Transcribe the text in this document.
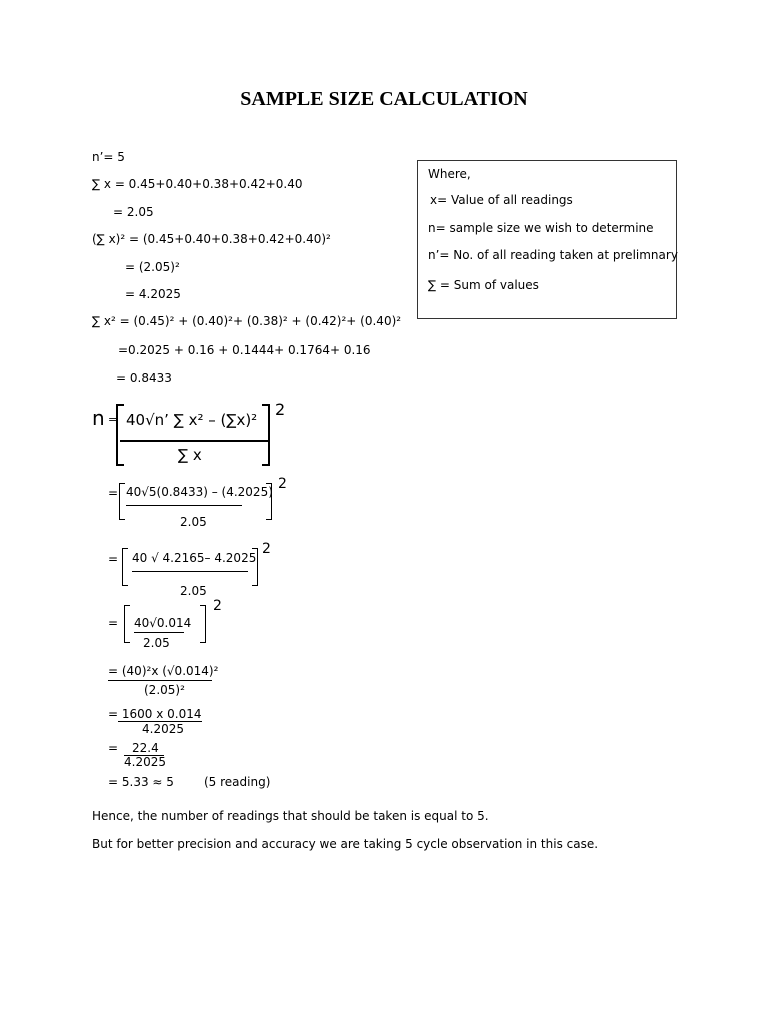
SAMPLE SIZE CALCULATION
Where,
x= Value of all readings
n= sample size we wish to determine
n’= No. of all reading taken at prelimnary
∑ = Sum of values
n’= 5
∑ x = 0.45+0.40+0.38+0.42+0.40
= 2.05
(∑ x)² = (0.45+0.40+0.38+0.42+0.40)²
= (2.05)²
= 4.2025
∑ x² = (0.45)² + (0.40)²+ (0.38)² + (0.42)²+ (0.40)²
=0.2025 + 0.16 + 0.1444+ 0.1764+ 0.16
= 0.8433
n = 40√n’ ∑ x² – (∑x)²
∑ x
2
= 40√5(0.8433) – (4.2025)
2.05
2
= 40 √ 4.2165– 4.2025
2.05
2
= 40√0.014
2.05
2
= (40)²x (√0.014)²
(2.05)²
= 1600 x 0.014
4.2025
= 22.4
4.2025
= 5.33 ≈ 5	(5 reading)
Hence, the number of readings that should be taken is equal to 5.
But for better precision and accuracy we are taking 5 cycle observation in this case.
